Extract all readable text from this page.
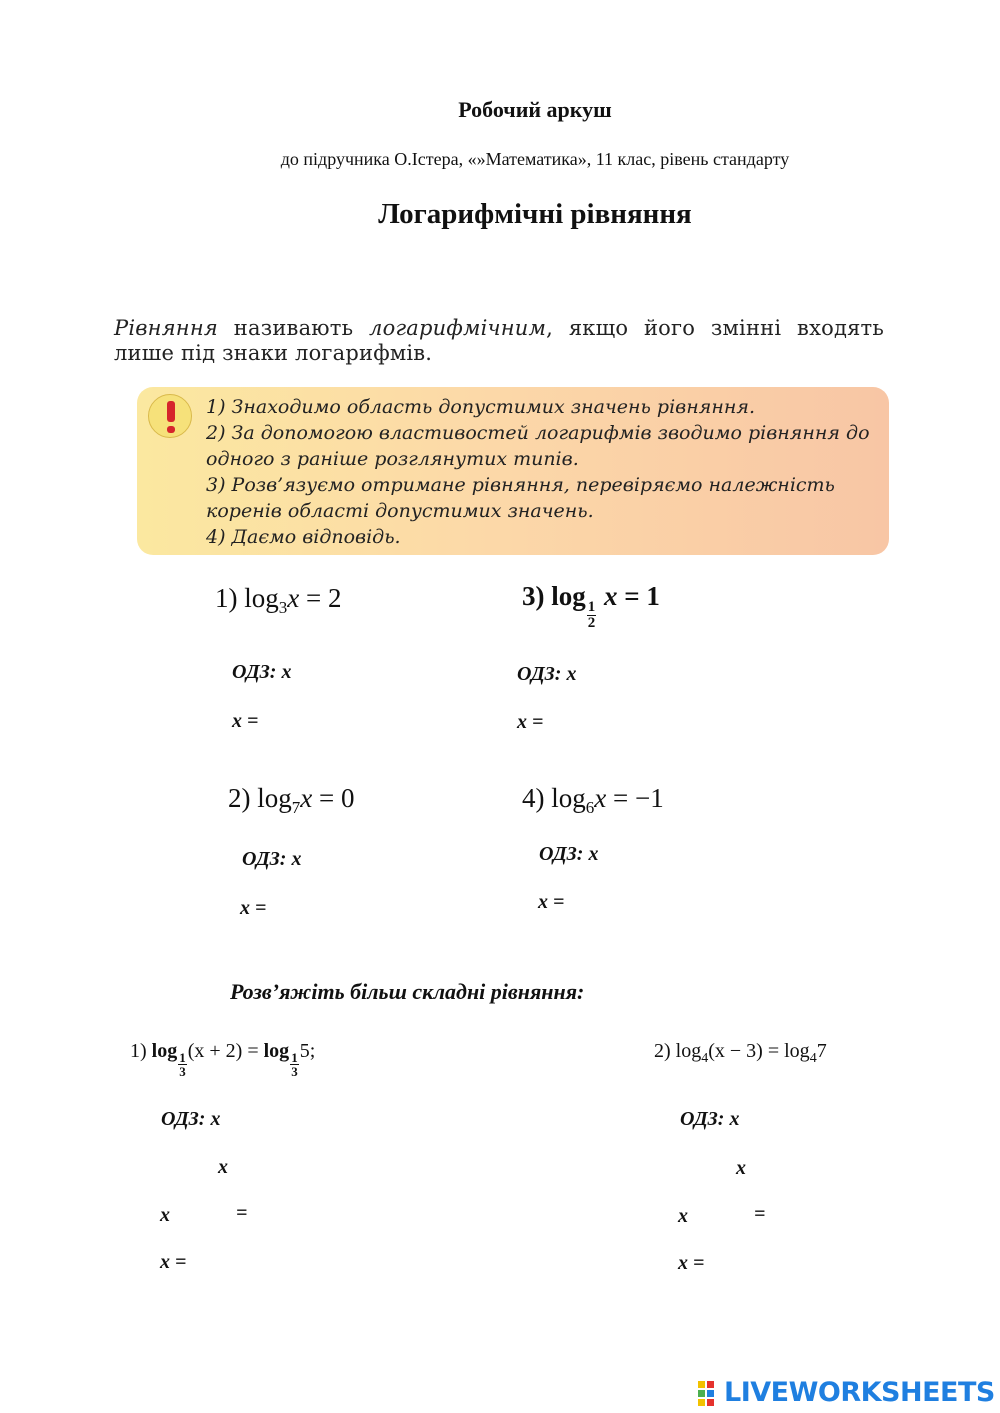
Робочий аркуш
до підручника О.Істера, «»Математика», 11 клас, рівень стандарту
Логарифмічні рівняння
Рівняння називають логарифмічним, якщо його змінні входять лише під знаки логарифмів.
1) Знаходимо область допустимих значень рівняння.
2) За допомогою властивостей логарифмів зводимо рівняння до одного з раніше розглянутих типів.
3) Розв’язуємо отримане рівняння, перевіряємо належність коренів області допустимих значень.
4) Даємо відповідь.
1) $\log_3x = 2$
ОДЗ: x
x =
3) log
$\frac{1}{2}$
x = 1
ОДЗ: x
x =
2) $\log_7x = 0$
ОДЗ: x
x =
4) $\log_6x = -1$
ОДЗ: x
x =
Розв’яжіть більш складні рівняння:
1) $\log \frac{1}{3} (x + 2) = \log \frac{1}{3} 5$;
ОДЗ: x
x
x	=
x =
2) $\log_4(x - 3) = \log_47$
ОДЗ: x
x
x	=
x =
LIVEWORKSHEETS
